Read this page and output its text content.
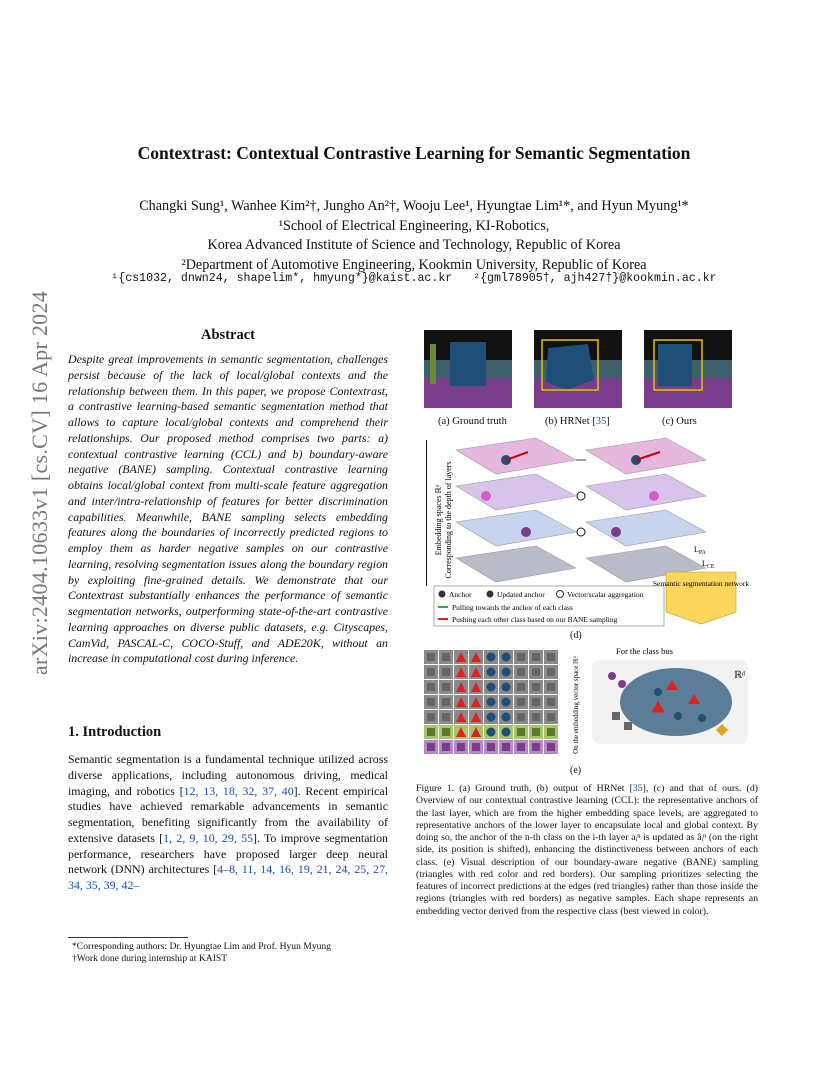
arXiv:2404.10633v1 [cs.CV] 16 Apr 2024
Contextrast: Contextual Contrastive Learning for Semantic Segmentation
Changki Sung¹, Wanhee Kim²†, Jungho An²†, Wooju Lee¹, Hyungtae Lim¹*, and Hyun Myung¹*
¹School of Electrical Engineering, KI-Robotics,
Korea Advanced Institute of Science and Technology, Republic of Korea
²Department of Automotive Engineering, Kookmin University, Republic of Korea
¹{cs1032, dnwn24, shapelim*, hmyung*}@kaist.ac.kr   ²{gml78905†, ajh427†}@kookmin.ac.kr
Abstract
Despite great improvements in semantic segmentation, challenges persist because of the lack of local/global contexts and the relationship between them. In this paper, we propose Contextrast, a contrastive learning-based semantic segmentation method that allows to capture local/global contexts and comprehend their relationships. Our proposed method comprises two parts: a) contextual contrastive learning (CCL) and b) boundary-aware negative (BANE) sampling. Contextual contrastive learning obtains local/global context from multi-scale feature aggregation and inter/intra-relationship of features for better discrimination capabilities. Meanwhile, BANE sampling selects embedding features along the boundaries of incorrectly predicted regions to employ them as harder negative samples on our contrastive learning, resolving segmentation issues along the boundary region by exploiting fine-grained details. We demonstrate that our Contextrast substantially enhances the performance of semantic segmentation networks, outperforming state-of-the-art contrastive learning approaches on diverse public datasets, e.g. Cityscapes, CamVid, PASCAL-C, COCO-Stuff, and ADE20K, without an increase in computational cost during inference.
1. Introduction
Semantic segmentation is a fundamental technique utilized across diverse applications, including autonomous driving, medical imaging, and robotics [12, 13, 18, 32, 37, 40]. Recent empirical studies have achieved remarkable advancements in semantic segmentation, benefiting significantly from the availability of extensive datasets [1, 2, 9, 10, 29, 55]. To improve segmentation performance, researchers have proposed larger deep neural network (DNN) architectures [4–8, 11, 14, 16, 19, 21, 24, 25, 27, 34, 35, 39, 42–
*Corresponding authors: Dr. Hyungtae Lim and Prof. Hyun Myung
†Work done during internship at KAIST
Embedding spaces ℝᵈ Corresponding to the depth of layers
Anchor	Updated anchor	Vector/scalar aggregation
Pulling towards the anchor of each class
Pushing each other class based on our BANE sampling
$L_{PA}$
$L_{CE}$
Semantic segmentation network
On the embedding vector space ℝᵈ
For the class bus
ℝᵈ
(a) Ground truth	(b) HRNet [35]	(c) Ours
(d)
(e)
Figure 1. (a) Ground truth, (b) output of HRNet [35], (c) and that of ours. (d) Overview of our contextual contrastive learning (CCL): the representative anchors of the last layer, which are from the higher embedding space levels, are aggregated to representative anchors of the lower layer to encapsulate local and global context. By doing so, the anchor of the n-th class on the i-th layer aᵢⁿ is updated as âᵢⁿ (on the right side, its position is shifted), enhancing the distinctiveness between anchors of each class. (e) Visual description of our boundary-aware negative (BANE) sampling (triangles with red color and red borders). Our sampling prioritizes selecting the features of incorrect predictions at the edges (red triangles) rather than those inside the regions (triangles with red borders) as negative samples. Each shape represents an embedding vector derived from the respective class (best viewed in color).
